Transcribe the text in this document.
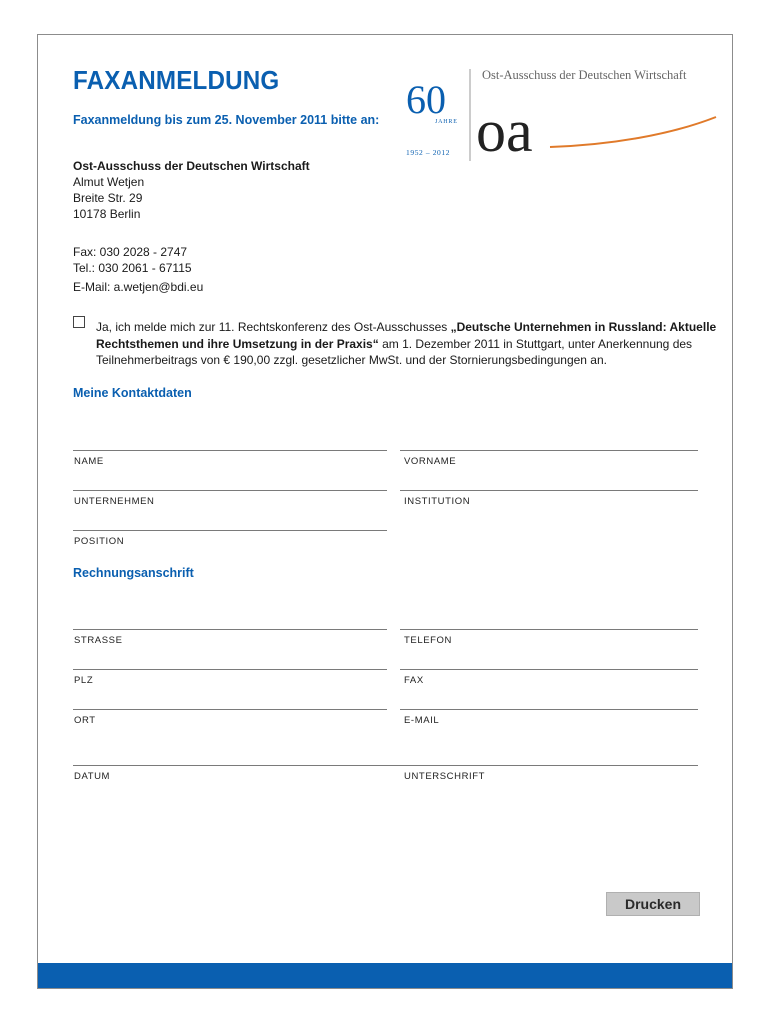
FAXANMELDUNG
Faxanmeldung bis zum 25. November 2011 bitte an:
Ost-Ausschuss der Deutschen Wirtschaft
60
JAHRE
1952 – 2012 oa
Ost-Ausschuss der Deutschen Wirtschaft
Almut Wetjen
Breite Str. 29
10178 Berlin
Fax: 030 2028 - 2747
Tel.: 030 2061 - 67115
E-Mail: a.wetjen@bdi.eu
Ja, ich melde mich zur 11. Rechtskonferenz des Ost-Ausschusses „Deutsche Unternehmen in Russland: Aktuelle Rechtsthemen und ihre Umsetzung in der Praxis“ am 1. Dezember 2011 in Stuttgart, unter Anerkennung des Teilnehmerbeitrags von € 190,00 zzgl. gesetzlicher MwSt. und der Stornierungsbedingungen an.
Meine Kontaktdaten
NAME	VORNAME
UNTERNEHMEN	INSTITUTION
POSITION
Rechnungsanschrift
STRASSE	TELEFON
PLZ	FAX
ORT	E-MAIL
DATUM	UNTERSCHRIFT
Drucken
